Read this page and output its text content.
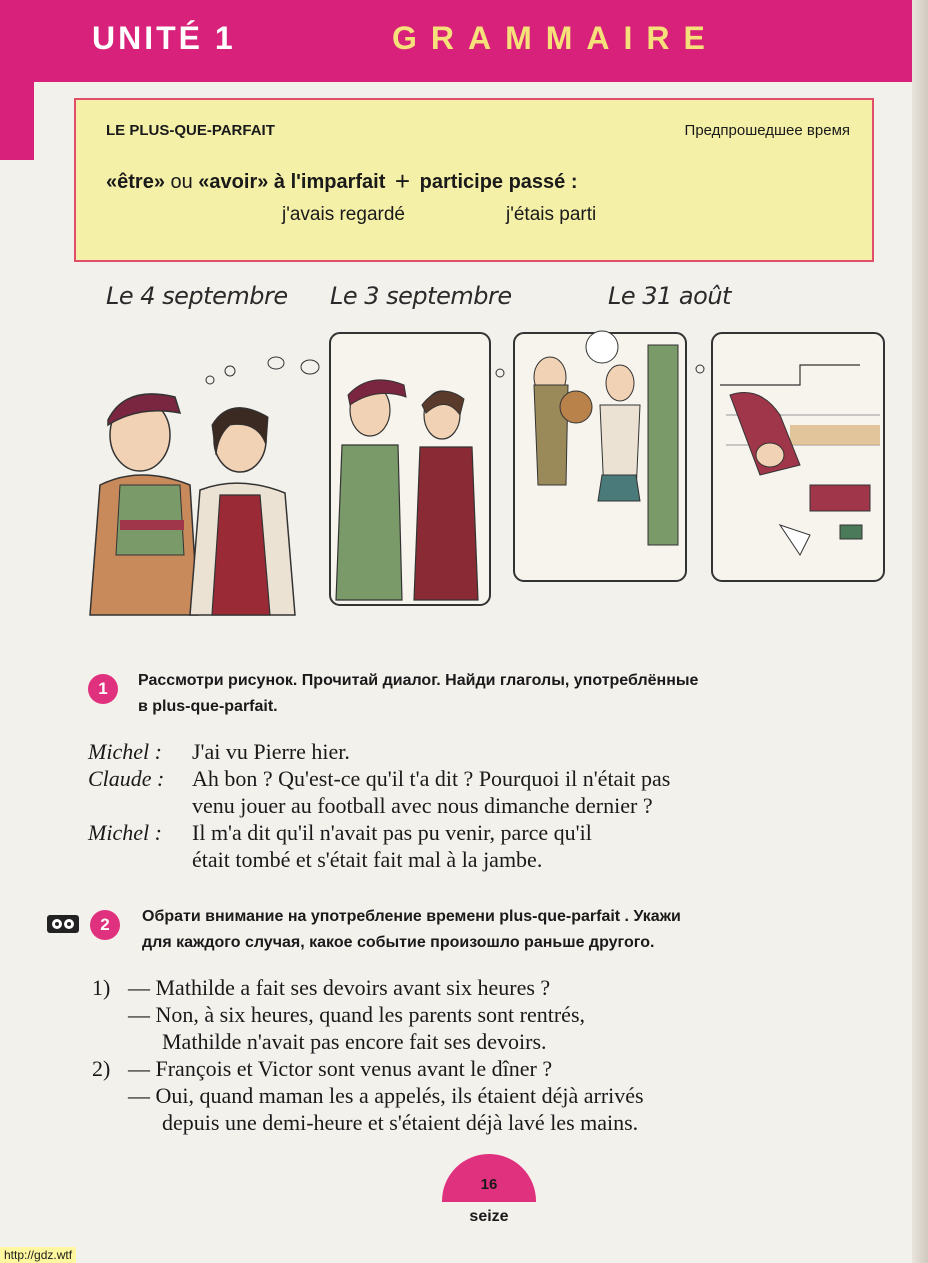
UNITÉ 1	GRAMMAIRE
LE PLUS-QUE-PARFAIT	Предпрошедшее время
«être» ou «avoir» à l'imparfait + participe passé :
j'avais regardé	j'étais parti
Le 4 septembre Le 3 septembre	Le 31 août
1	Рассмотри рисунок. Прочитай диалог. Найди глаголы, употреблённые
в plus-que-parfait.
Michel : J'ai vu Pierre hier.
Claude : Ah bon ? Qu'est-ce qu'il t'a dit ? Pourquoi il n'était pas
venu jouer au football avec nous dimanche dernier ?
Michel : Il m'a dit qu'il n'avait pas pu venir, parce qu'il
était tombé et s'était fait mal à la jambe.
2	Обрати внимание на употребление времени plus-que-parfait . Укажи
для каждого случая, какое событие произошло раньше другого.
1) — Mathilde a fait ses devoirs avant six heures ?
— Non, à six heures, quand les parents sont rentrés,
Mathilde n'avait pas encore fait ses devoirs.
2) — François et Victor sont venus avant le dîner ?
— Oui, quand maman les a appelés, ils étaient déjà arrivés
depuis une demi-heure et s'étaient déjà lavé les mains.
16
seize
http://gdz.wtf
